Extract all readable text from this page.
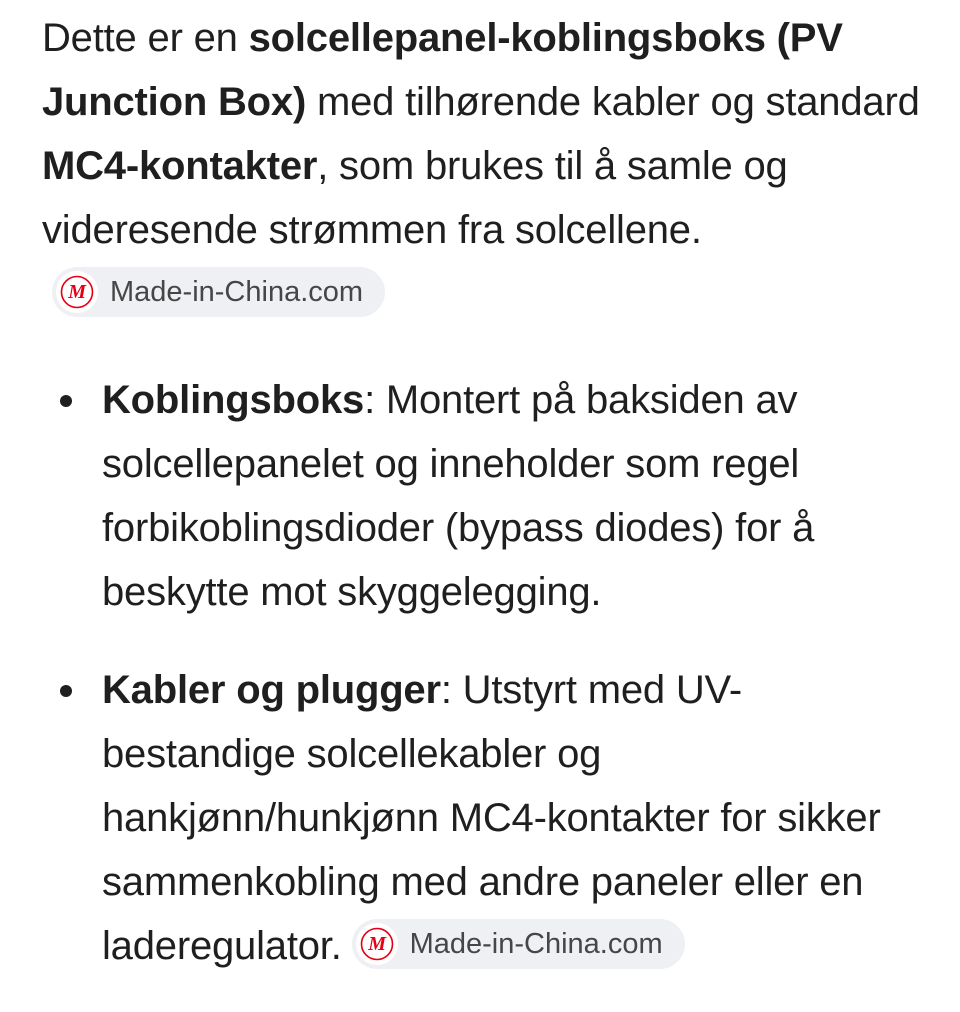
Dette er en solcellepanel-koblingsboks (PV Junction Box) med tilhørende kabler og standard MC4-kontakter, som brukes til å samle og videresende strømmen fra solcellene.
M Made-in-China.com

Koblingsboks: Montert på baksiden av solcellepanelet og inneholder som regel forbikoblingsdioder (bypass diodes) for å beskytte mot skyggelegging.
Kabler og plugger: Utstyrt med UV-bestandige solcellekabler og hankjønn/hunkjønn MC4-kontakter for sikker sammenkobling med andre paneler eller en laderegulator. M Made-in-China.com
